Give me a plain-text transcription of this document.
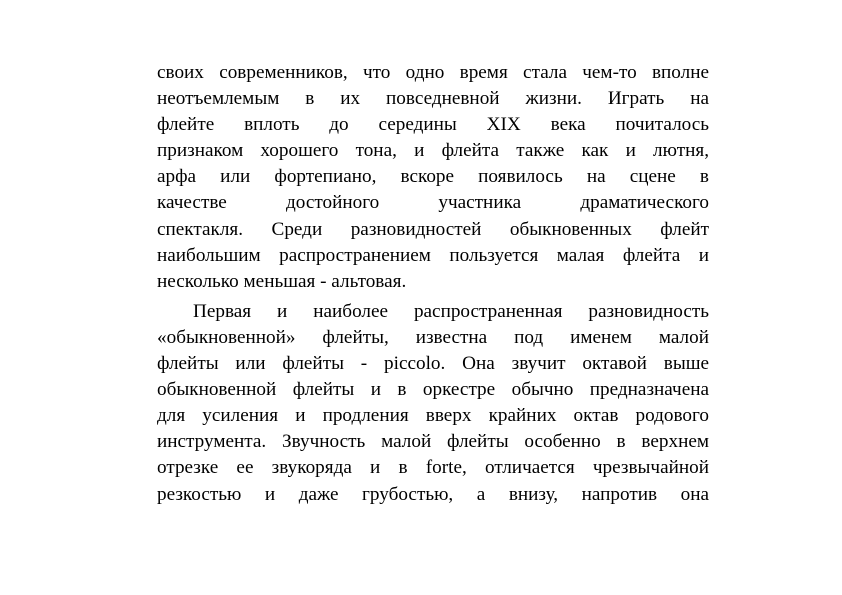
своих современников, что одно время стала чем-то вполне
неотъемлемым в их повседневной жизни. Играть на
флейте вплоть до середины XIX века почиталось
признаком хорошего тона, и флейта также как и лютня,
арфа или фортепиано, вскоре появилось на сцене в
качестве достойного участника драматического
спектакля. Среди разновидностей обыкновенных флейт
наибольшим распространением пользуется малая флейта и
несколько меньшая - альтовая.
Первая и наиболее распространенная разновидность
«обыкновенной» флейты, известна под именем малой
флейты или флейты - piccolo. Она звучит октавой выше
обыкновенной флейты и в оркестре обычно предназначена
для усиления и продления вверх крайних октав родового
инструмента. Звучность малой флейты особенно в верхнем
отрезке ее звукоряда и в forte, отличается чрезвычайной
резкостью и даже грубостью, а внизу, напротив она
